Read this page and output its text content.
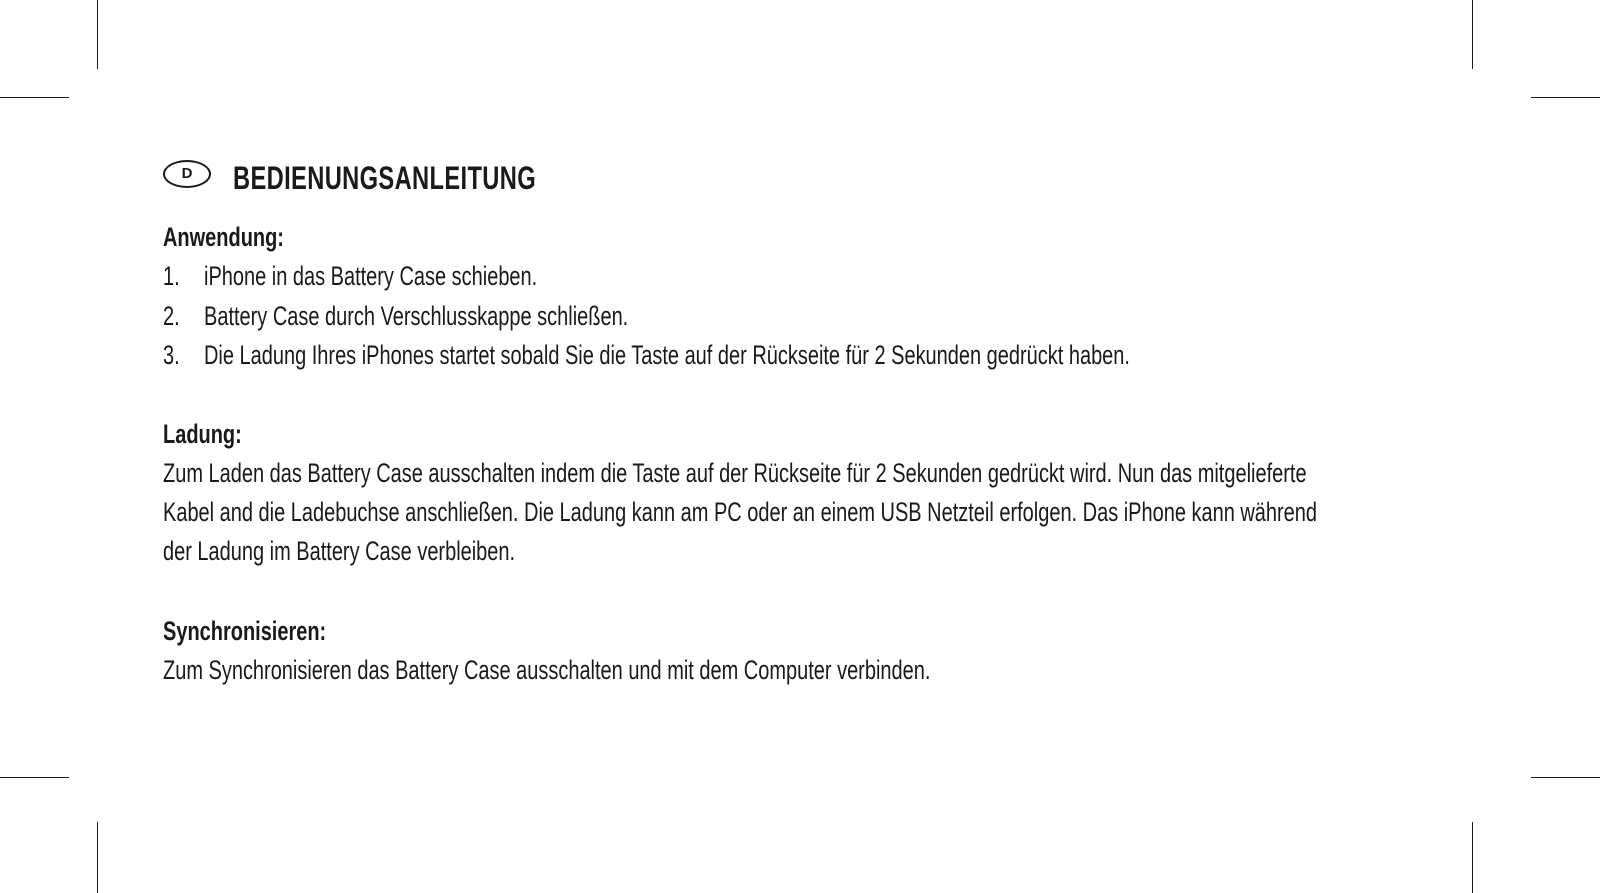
D	BEDIENUNGSANLEITUNG
Anwendung:
1. iPhone in das Battery Case schieben.
2. Battery Case durch Verschlusskappe schließen.
3. Die Ladung Ihres iPhones startet sobald Sie die Taste auf der Rückseite für 2 Sekunden gedrückt haben.
Ladung:
Zum Laden das Battery Case ausschalten indem die Taste auf der Rückseite für 2 Sekunden gedrückt wird. Nun das mitgelieferte
Kabel and die Ladebuchse anschließen. Die Ladung kann am PC oder an einem USB Netzteil erfolgen. Das iPhone kann während
der Ladung im Battery Case verbleiben.
Synchronisieren:
Zum Synchronisieren das Battery Case ausschalten und mit dem Computer verbinden.
